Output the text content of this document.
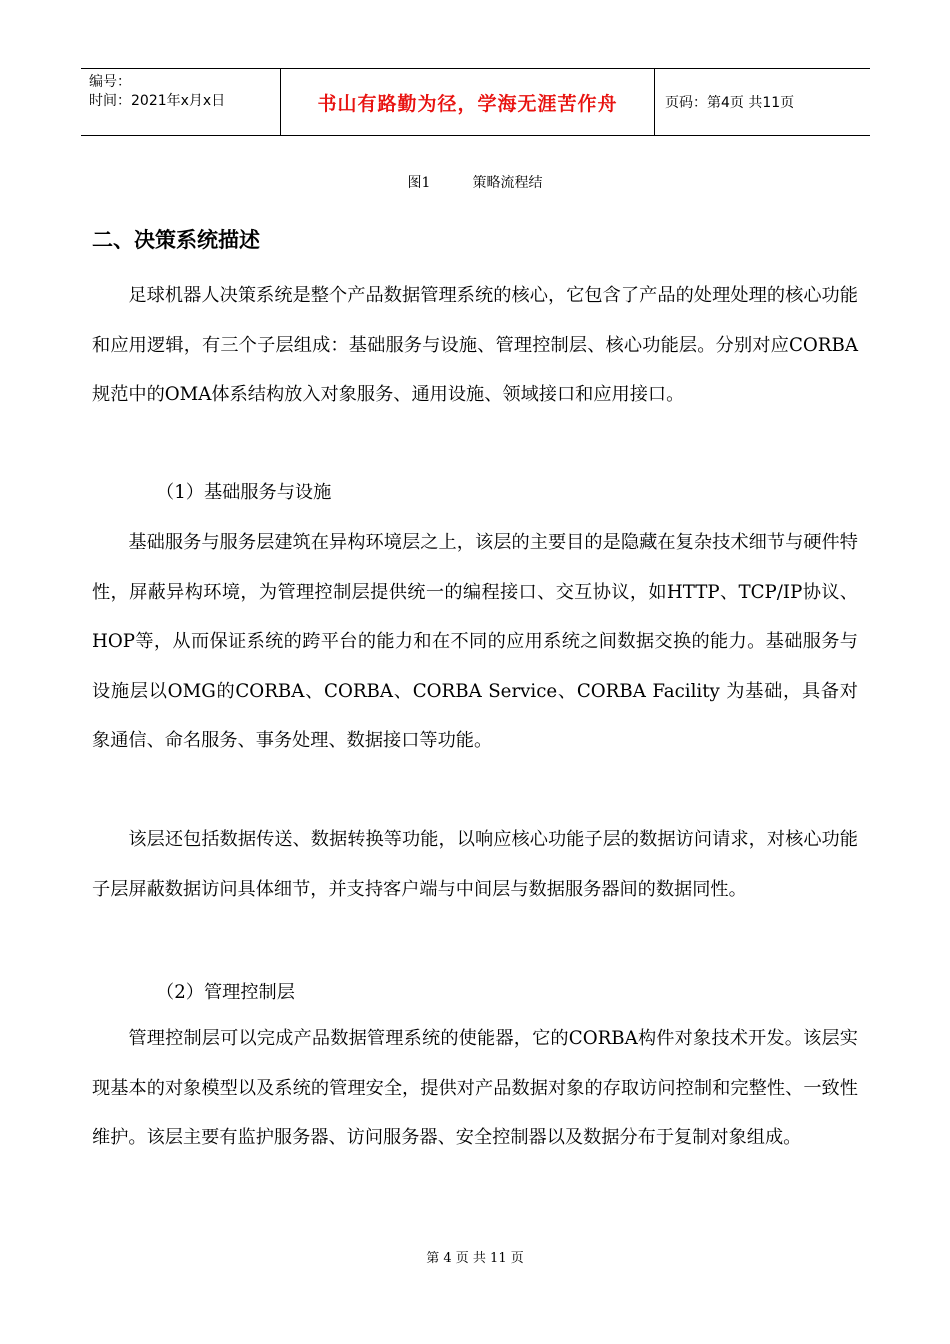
编号：
时间：2021年x月x日	书山有路勤为径，学海无涯苦作舟	页码：第4页 共11页
图1	策略流程结
二、决策系统描述

足球机器人决策系统是整个产品数据管理系统的核心，它包含了产品的处理处理的核心功能和应用逻辑，有三个子层组成：基础服务与设施、管理控制层、核心功能层。分别对应CORBA规范中的OMA体系结构放入对象服务、通用设施、领域接口和应用接口。

（1）基础服务与设施

基础服务与服务层建筑在异构环境层之上，该层的主要目的是隐藏在复杂技术细节与硬件特性，屏蔽异构环境，为管理控制层提供统一的编程接口、交互协议，如HTTP、TCP/IP协议、HOP等，从而保证系统的跨平台的能力和在不同的应用系统之间数据交换的能力。基础服务与设施层以OMG的CORBA、CORBA、CORBA Service、CORBA Facility 为基础，具备对象通信、命名服务、事务处理、数据接口等功能。

该层还包括数据传送、数据转换等功能，以响应核心功能子层的数据访问请求，对核心功能子层屏蔽数据访问具体细节，并支持客户端与中间层与数据服务器间的数据同性。

（2）管理控制层

管理控制层可以完成产品数据管理系统的使能器，它的CORBA构件对象技术开发。该层实现基本的对象模型以及系统的管理安全，提供对产品数据对象的存取访问控制和完整性、一致性维护。该层主要有监护服务器、访问服务器、安全控制器以及数据分布于复制对象组成。

第 4 页 共 11 页
